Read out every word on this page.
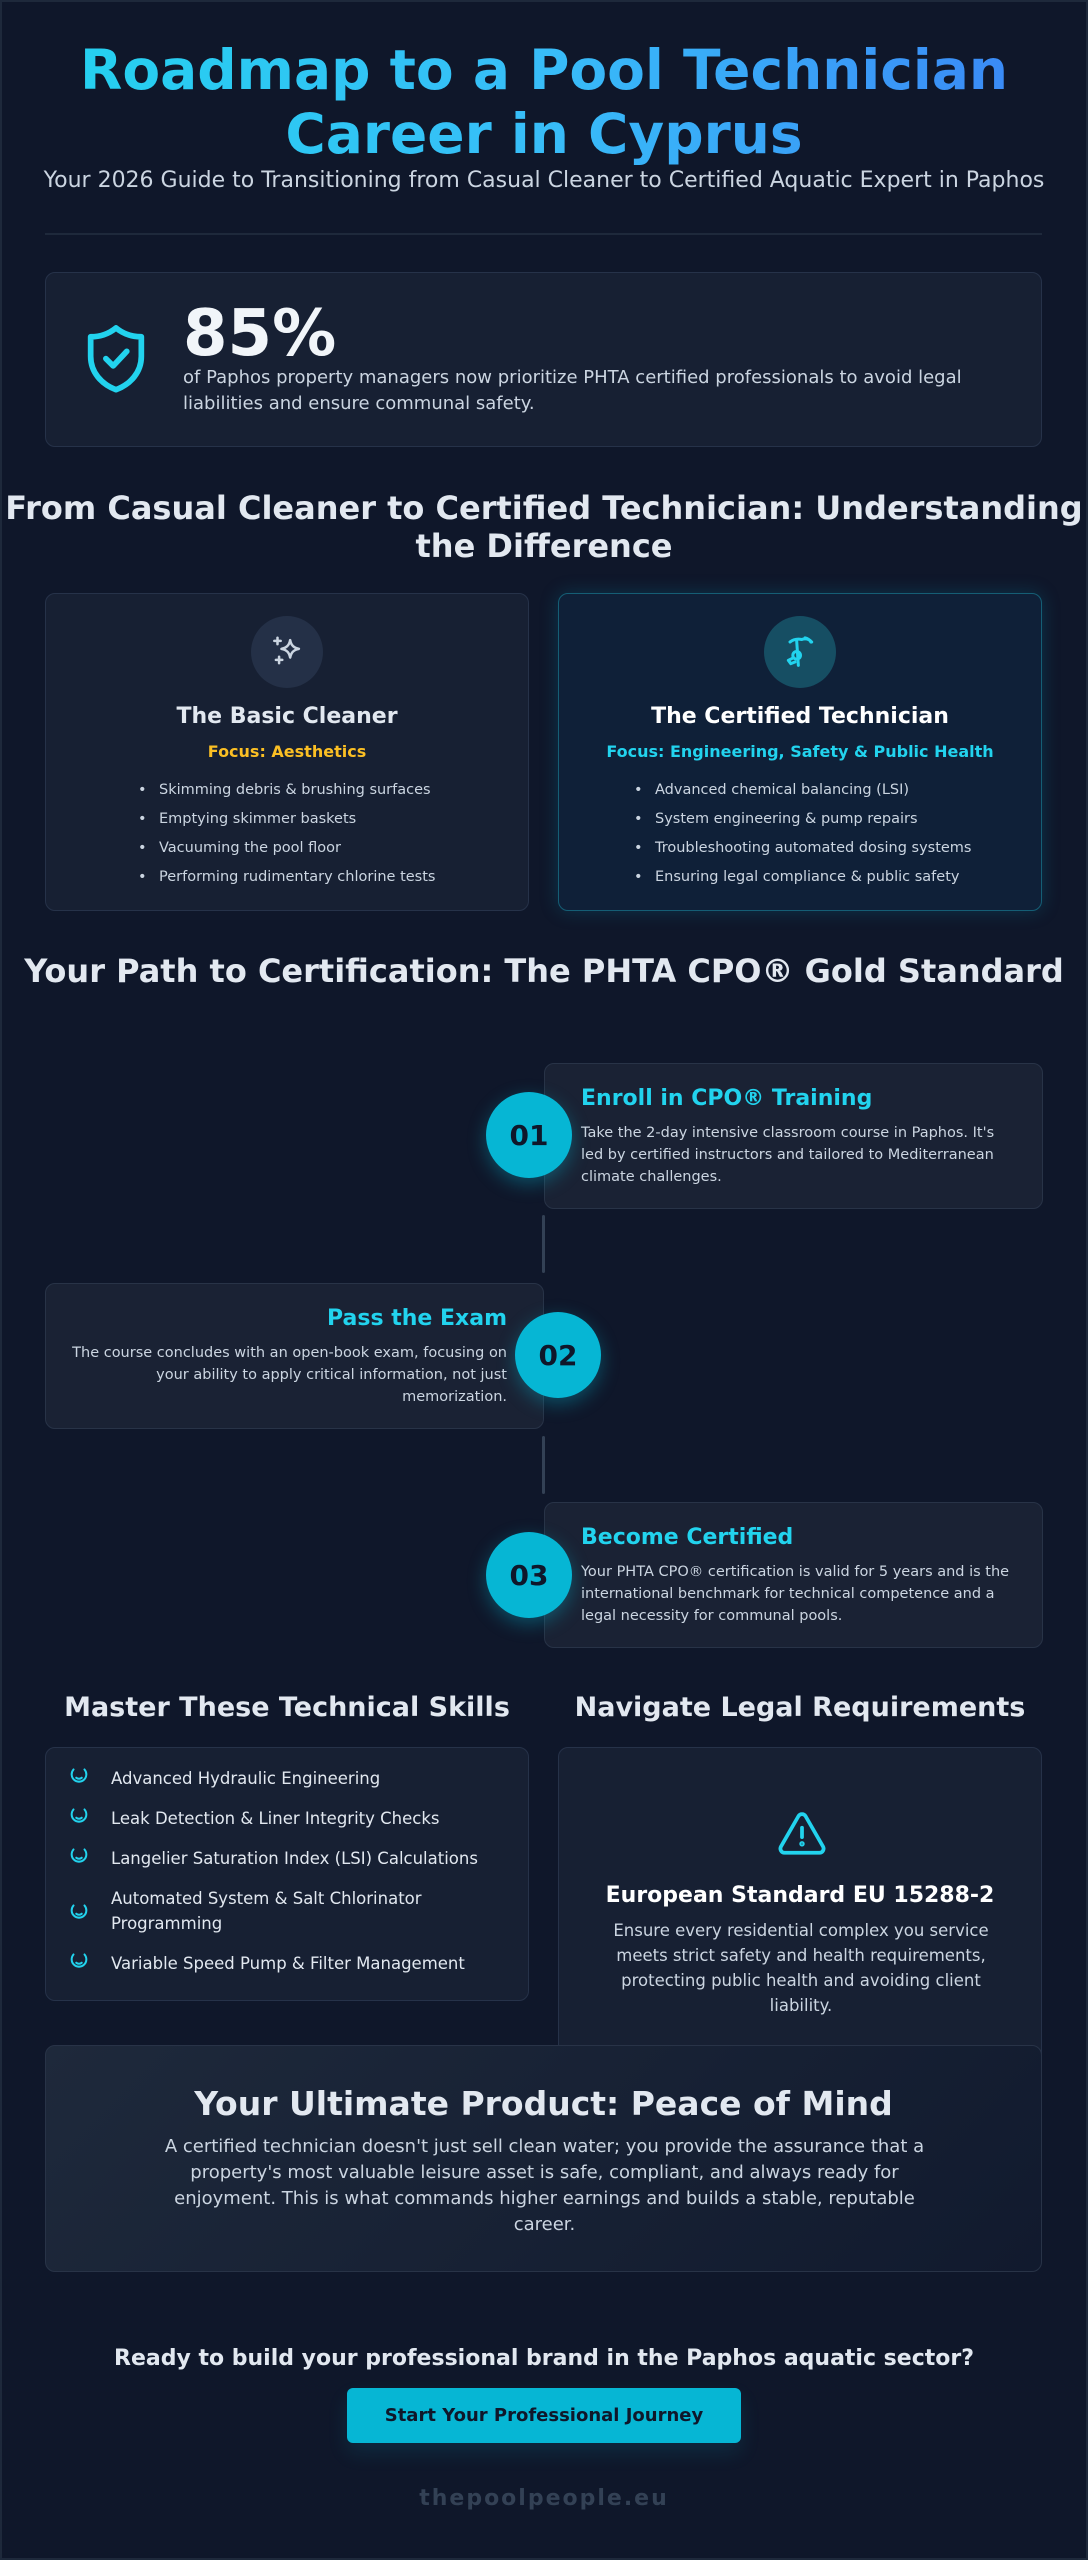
Roadmap to a Pool Technician Career in Cyprus

Your 2026 Guide to Transitioning from Casual Cleaner to Certified Aquatic Expert in Paphos

85%
of Paphos property managers now prioritize PHTA certified professionals to avoid legal liabilities and ensure communal safety.
From Casual Cleaner to Certified Technician: Understanding the Difference
The Basic Cleaner
Focus: Aesthetics
• Skimming debris & brushing surfaces
• Emptying skimmer baskets
• Vacuuming the pool floor
• Performing rudimentary chlorine tests
The Certified Technician
Focus: Engineering, Safety & Public Health
• Advanced chemical balancing (LSI)
• System engineering & pump repairs
• Troubleshooting automated dosing systems
• Ensuring legal compliance & public safety
Your Path to Certification: The PHTA CPO® Gold Standard
Enroll in CPO® Training
Take the 2-day intensive classroom course in Paphos. It's led by certified instructors and tailored to Mediterranean climate challenges.
01
Pass the Exam
The course concludes with an open-book exam, focusing on your ability to apply critical information, not just memorization.
02
Become Certified
Your PHTA CPO® certification is valid for 5 years and is the international benchmark for technical competence and a legal necessity for communal pools.
03
Master These Technical Skills
Advanced Hydraulic Engineering
Leak Detection & Liner Integrity Checks
Langelier Saturation Index (LSI) Calculations
Automated System & Salt Chlorinator Programming
Variable Speed Pump & Filter Management
Navigate Legal Requirements
European Standard EU 15288-2
Ensure every residential complex you service meets strict safety and health requirements, protecting public health and avoiding client liability.
Your Ultimate Product: Peace of Mind
A certified technician doesn't just sell clean water; you provide the assurance that a property's most valuable leisure asset is safe, compliant, and always ready for enjoyment. This is what commands higher earnings and builds a stable, reputable career.
Ready to build your professional brand in the Paphos aquatic sector?
Start Your Professional Journey
thepoolpeople.eu
